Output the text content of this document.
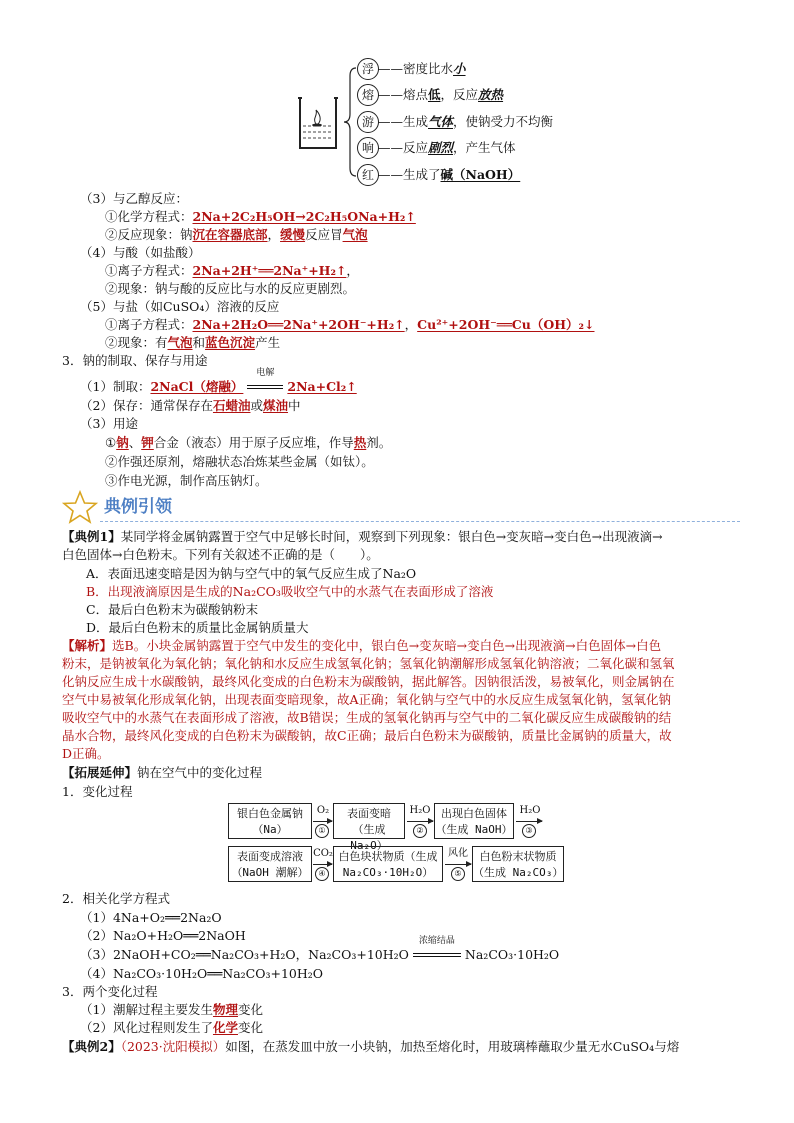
浮
熔
游
响
红
——密度比水小
——熔点低，反应放热
——生成气体，使钠受力不均衡
——反应剧烈，产生气体
——生成了碱（NaOH）
（3）与乙醇反应：
①化学方程式：2Na+2C₂H₅OH→2C₂H₅ONa+H₂↑
②反应现象：钠沉在容器底部，缓慢反应冒气泡
（4）与酸（如盐酸）
①离子方程式：2Na+2H⁺══2Na⁺+H₂↑，
②现象：钠与酸的反应比与水的反应更剧烈。
（5）与盐（如CuSO₄）溶液的反应
①离子方程式：2Na+2H₂O══2Na⁺+2OH⁻+H₂↑，Cu²⁺+2OH⁻══Cu（OH）₂↓
②现象：有气泡和蓝色沉淀产生
3．钠的制取、保存与用途
（1）制取：2NaCl（熔融）
电解
2Na+Cl₂↑
（2）保存：通常保存在石蜡油或煤油中
（3）用途
①钠、钾合金（液态）用于原子反应堆，作导热剂。
②作强还原剂，熔融状态冶炼某些金属（如钛）。
③作电光源，制作高压钠灯。
典例引领
【典例1】某同学将金属钠露置于空气中足够长时间，观察到下列现象：银白色→变灰暗→变白色→出现液滴→
白色固体→白色粉末。下列有关叙述不正确的是（　　）。
A．表面迅速变暗是因为钠与空气中的氧气反应生成了Na₂O
B．出现液滴原因是生成的Na₂CO₃吸收空气中的水蒸气在表面形成了溶液
C．最后白色粉末为碳酸钠粉末
D．最后白色粉末的质量比金属钠质量大
【解析】选B。小块金属钠露置于空气中发生的变化中，银白色→变灰暗→变白色→出现液滴→白色固体→白色
粉末，是钠被氧化为氧化钠；氧化钠和水反应生成氢氧化钠；氢氧化钠潮解形成氢氧化钠溶液；二氧化碳和氢氧
化钠反应生成十水碳酸钠，最终风化变成的白色粉末为碳酸钠，据此解答。因钠很活泼，易被氧化，则金属钠在
空气中易被氧化形成氧化钠，出现表面变暗现象，故A正确；氧化钠与空气中的水反应生成氢氧化钠，氢氧化钠
吸收空气中的水蒸气在表面形成了溶液，故B错误；生成的氢氧化钠再与空气中的二氧化碳反应生成碳酸钠的结
晶水合物，最终风化变成的白色粉末为碳酸钠，故C正确；最后白色粉末为碳酸钠，质量比金属钠的质量大，故
D正确。
【拓展延伸】钠在空气中的变化过程
1．变化过程
银白色金属钠
（Na）
表面变暗
（生成 Na₂O）
出现白色固体
（生成 NaOH）
表面变成溶液
（NaOH 潮解）
白色块状物质（生成
Na₂CO₃·10H₂O）
白色粉末状物质
（生成 Na₂CO₃）
O₂
①
H₂O
②
H₂O
③
CO₂
④
风化
⑤
2．相关化学方程式
（1）4Na+O₂══2Na₂O
（2）Na₂O+H₂O══2NaOH
（3）2NaOH+CO₂══Na₂CO₃+H₂O，Na₂CO₃+10H₂O
浓缩结晶
Na₂CO₃·10H₂O
（4）Na₂CO₃·10H₂O══Na₂CO₃+10H₂O
3．两个变化过程
（1）潮解过程主要发生物理变化
（2）风化过程则发生了化学变化
【典例2】（2023·沈阳模拟）如图，在蒸发皿中放一小块钠，加热至熔化时，用玻璃棒蘸取少量无水CuSO₄与熔
